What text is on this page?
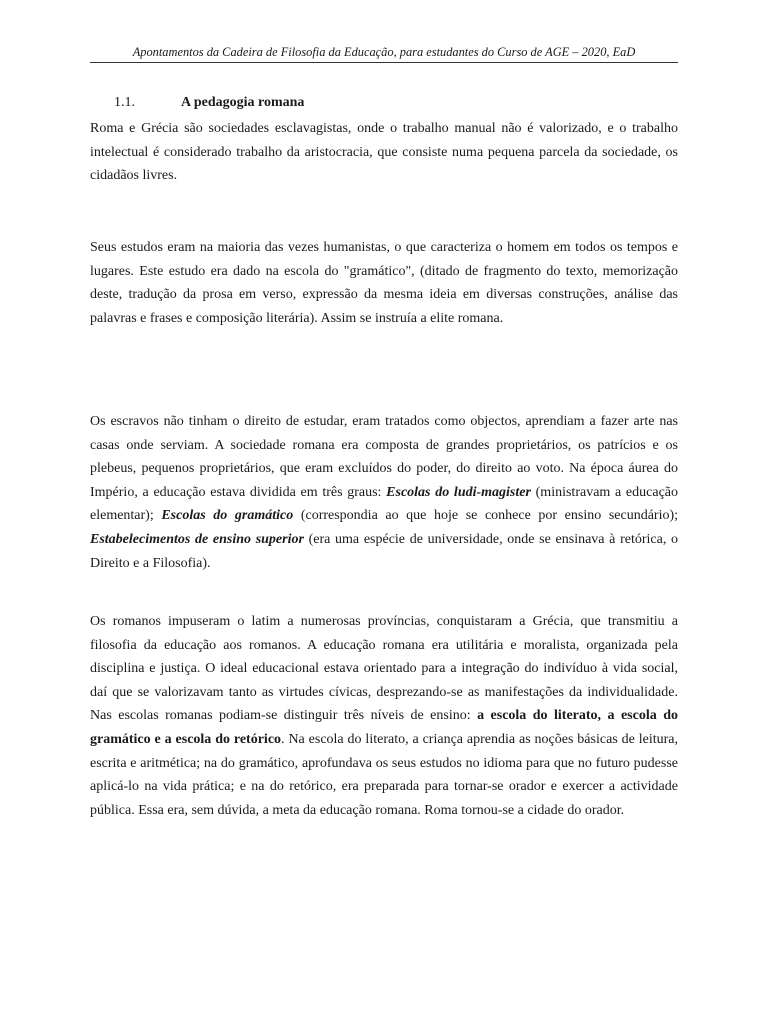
Apontamentos da Cadeira de Filosofia da Educação, para estudantes do Curso de AGE – 2020, EaD
1.1.	A pedagogia romana

Roma e Grécia são sociedades esclavagistas, onde o trabalho manual não é valorizado, e o trabalho intelectual é considerado trabalho da aristocracia, que consiste numa pequena parcela da sociedade, os cidadãos livres.

Seus estudos eram na maioria das vezes humanistas, o que caracteriza o homem em todos os tempos e lugares. Este estudo era dado na escola do "gramático", (ditado de fragmento do texto, memorização deste, tradução da prosa em verso, expressão da mesma ideia em diversas construções, análise das palavras e frases e composição literária). Assim se instruía a elite romana.

Os escravos não tinham o direito de estudar, eram tratados como objectos, aprendiam a fazer arte nas casas onde serviam. A sociedade romana era composta de grandes proprietários, os patrícios e os plebeus, pequenos proprietários, que eram excluídos do poder, do direito ao voto. Na época áurea do Império, a educação estava dividida em três graus: Escolas do ludi-magister (ministravam a educação elementar); Escolas do gramático (correspondia ao que hoje se conhece por ensino secundário); Estabelecimentos de ensino superior (era uma espécie de universidade, onde se ensinava à retórica, o Direito e a Filosofia).

Os romanos impuseram o latim a numerosas províncias, conquistaram a Grécia, que transmitiu a filosofia da educação aos romanos. A educação romana era utilitária e moralista, organizada pela disciplina e justiça. O ideal educacional estava orientado para a integração do indivíduo à vida social, daí que se valorizavam tanto as virtudes cívicas, desprezando-se as manifestações da individualidade. Nas escolas romanas podiam-se distinguir três níveis de ensino: a escola do literato, a escola do gramático e a escola do retórico. Na escola do literato, a criança aprendia as noções básicas de leitura, escrita e aritmética; na do gramático, aprofundava os seus estudos no idioma para que no futuro pudesse aplicá-lo na vida prática; e na do retórico, era preparada para tornar-se orador e exercer a actividade pública. Essa era, sem dúvida, a meta da educação romana. Roma tornou-se a cidade do orador.
